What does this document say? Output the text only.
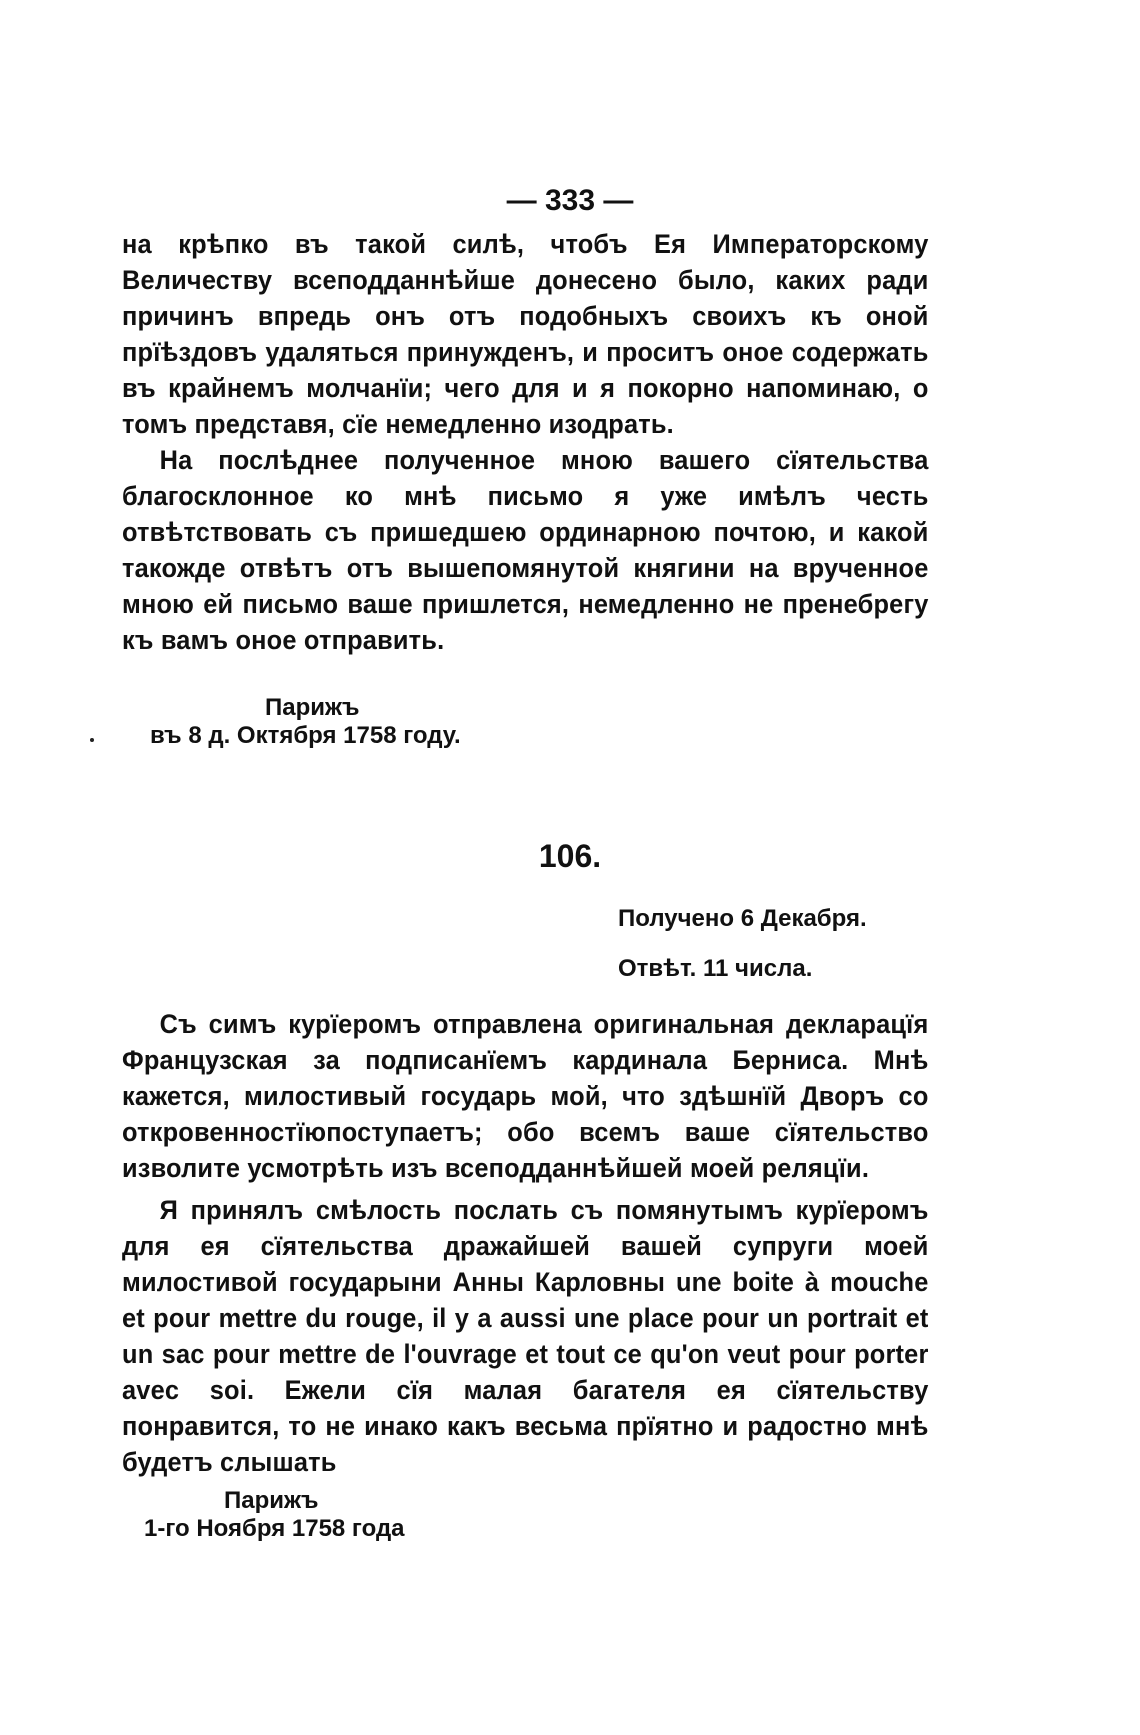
— 333 —

на крѣпко въ такой силѣ, чтобъ Ея Императорскому Величеству всеподданнѣйше донесено было, каких ради причинъ впредь онъ отъ подобныхъ своихъ къ оной прїѣздовъ удаляться принужденъ, и проситъ оное содержать въ крайнемъ молчанїи; чего для и я покорно напоминаю, о томъ представя, сїе немедленно изодрать.

На послѣднее полученное мною вашего сїятельства благосклонное ко мнѣ письмо я уже имѣлъ честь отвѣтствовать съ пришедшею ординарною почтою, и какой такожде отвѣтъ отъ вышепомянутой княгини на врученное мною ей письмо ваше пришлется, немедленно не пренебрегу къ вамъ оное отправить.

Парижъ
въ 8 д. Октября 1758 году.
106.
Получено 6 Декабря.
Отвѣт. 11 числа.

Съ симъ курїеромъ отправлена оригинальная декларацїя Французская за подписанїемъ кардинала Берниса. Мнѣ кажется, милостивый государь мой, что здѣшнїй Дворъ со откровенностїюпоступаетъ; обо всемъ ваше сїятельство изволите усмотрѣть изъ всеподданнѣйшей моей реляцїи.

Я принялъ смѣлость послать съ помянутымъ курїеромъ для ея сїятельства дражайшей вашей супруги моей милостивой государыни Анны Карловны une boite à mouche et pour mettre du rouge, il y a aussi une place pour un portrait et un sac pour mettre de l'ouvrage et tout ce qu'on veut pour porter avec soi. Ежели сїя малая багателя ея сїятельству понравитcя, то не инако какъ весьма прїятно и радостно мнѣ будетъ слышать

Парижъ
1-го Ноября 1758 года
